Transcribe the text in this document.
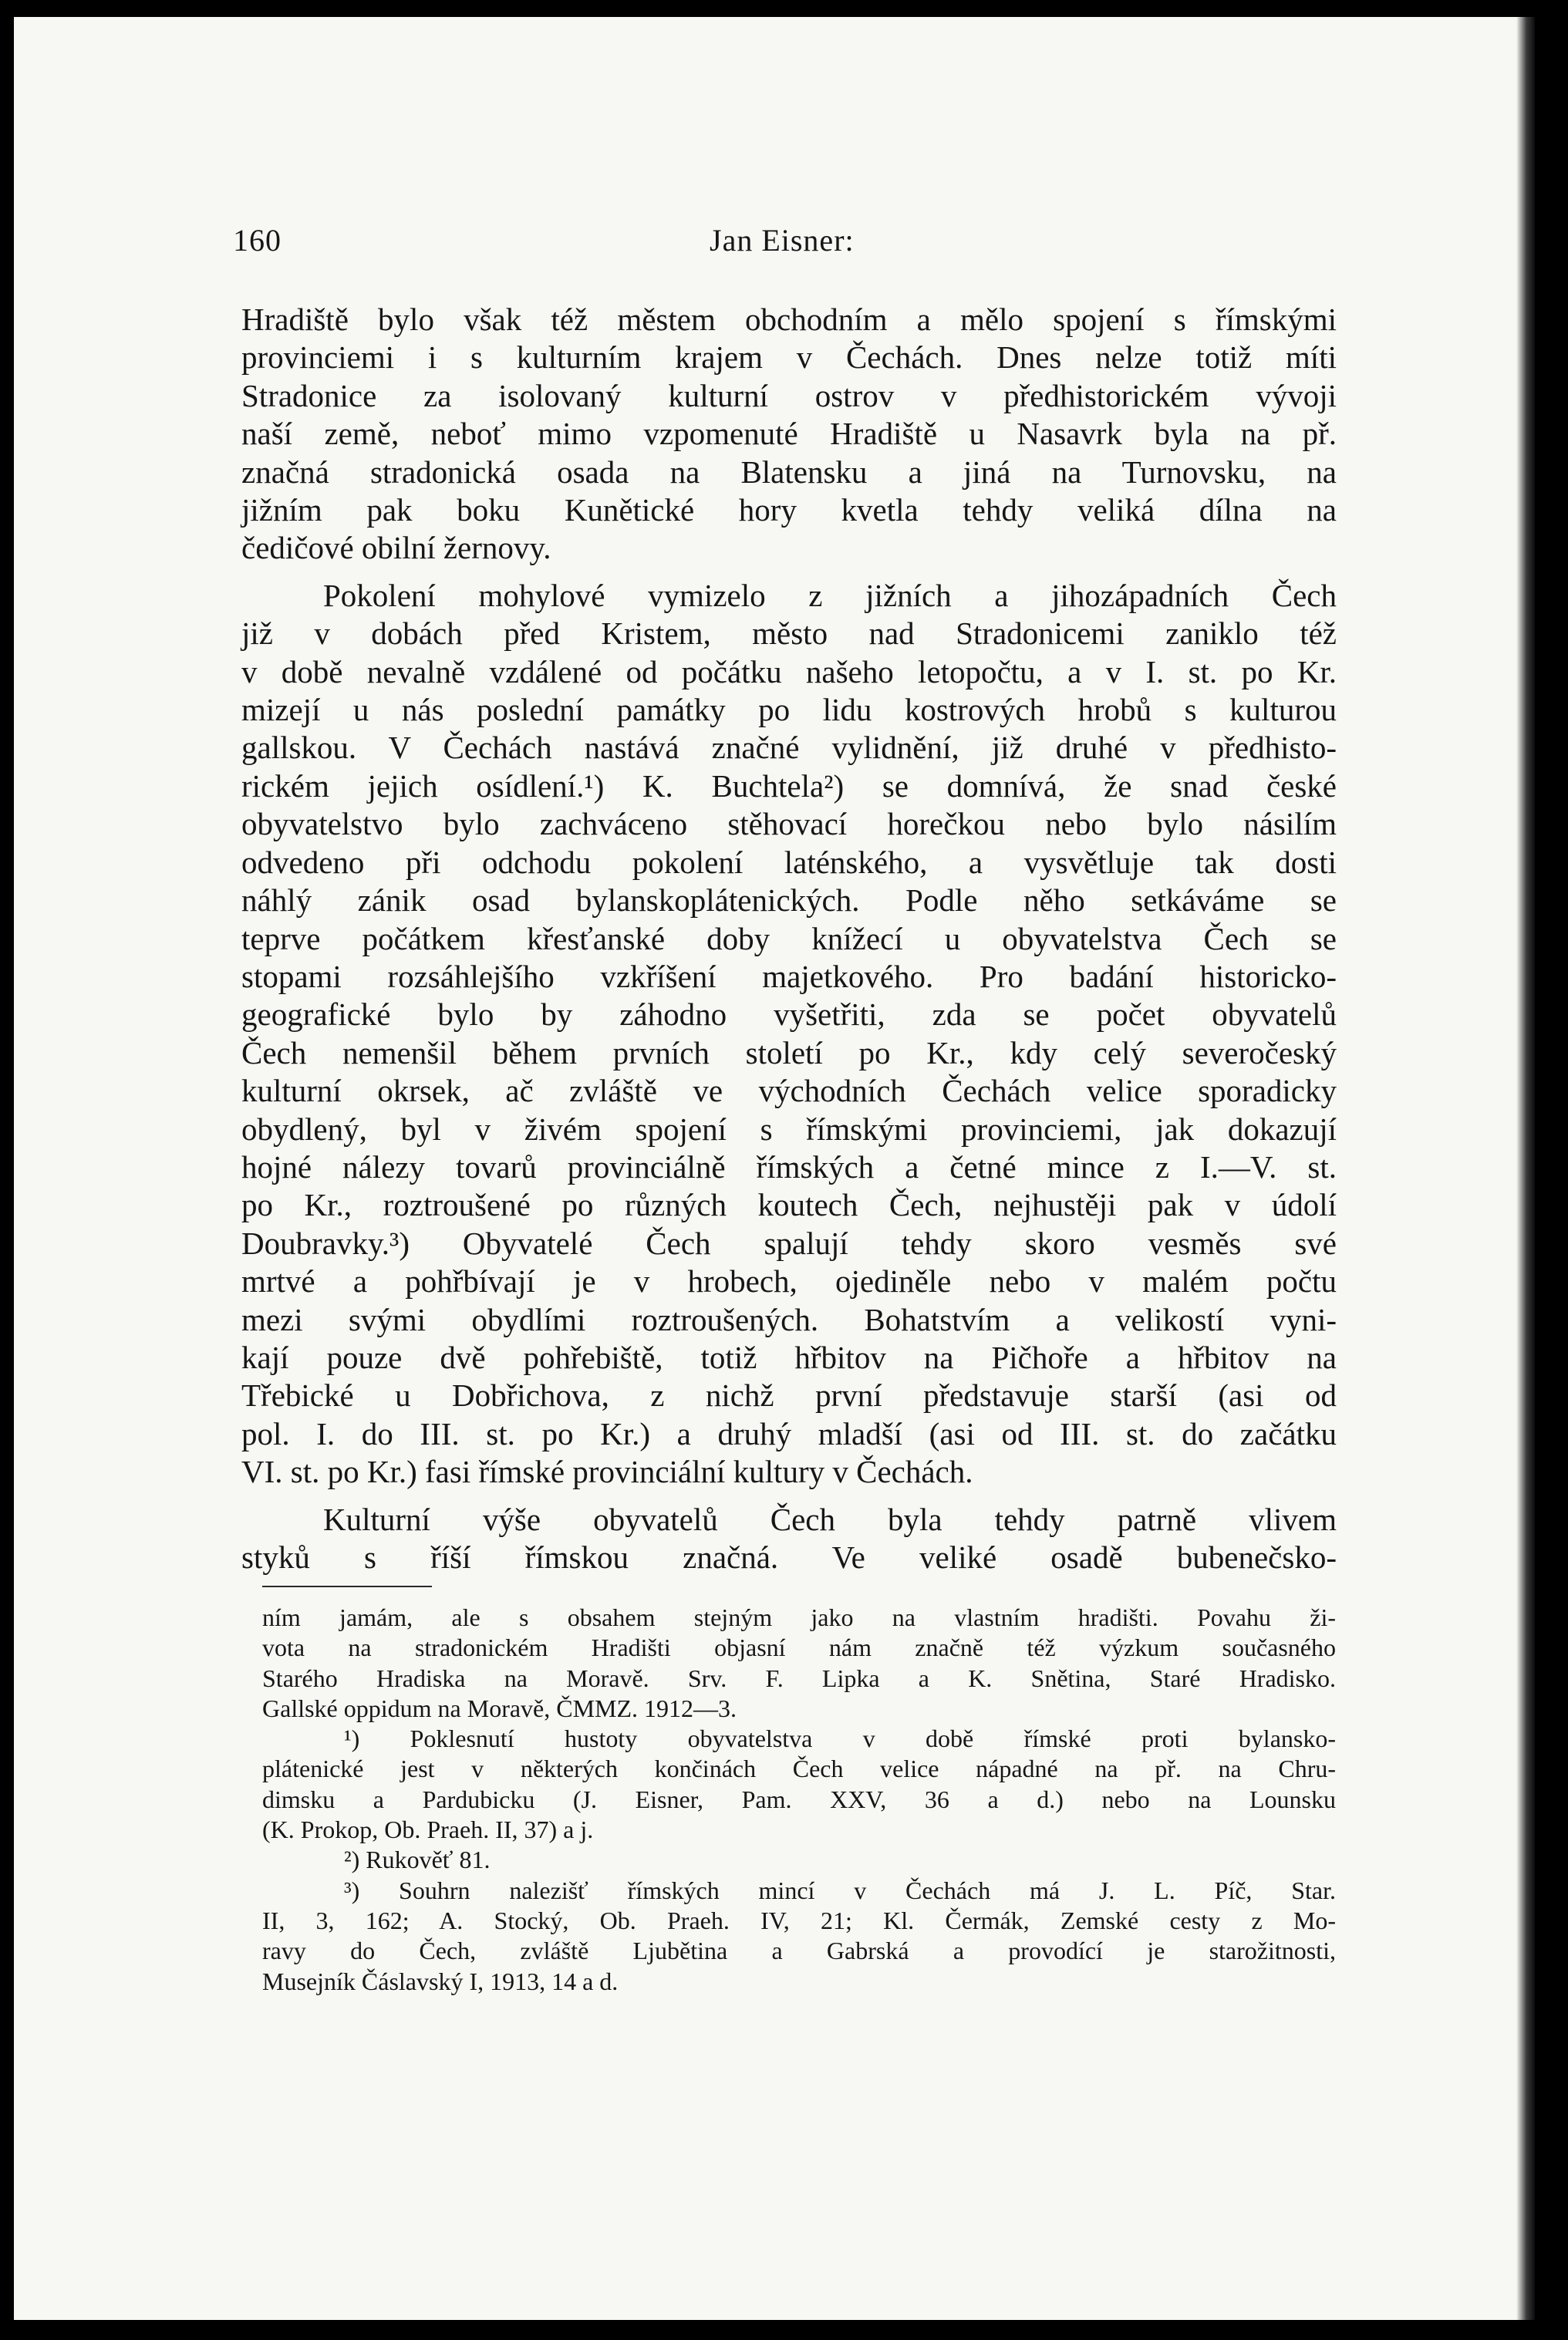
160	Jan Eisner:
Hradiště bylo však též městem obchodním a mělo spojení s římskými
provinciemi i s kulturním krajem v Čechách. Dnes nelze totiž míti
Stradonice za isolovaný kulturní ostrov v předhistorickém vývoji
naší země, neboť mimo vzpomenuté Hradiště u Nasavrk byla na př.
značná stradonická osada na Blatensku a jiná na Turnovsku, na
jižním pak boku Kunětické hory kvetla tehdy veliká dílna na
čedičové obilní žernovy.
Pokolení mohylové vymizelo z jižních a jihozápadních Čech
již v dobách před Kristem, město nad Stradonicemi zaniklo též
v době nevalně vzdálené od počátku našeho letopočtu, a v I. st. po Kr.
mizejí u nás poslední památky po lidu kostrových hrobů s kulturou
gallskou. V Čechách nastává značné vylidnění, již druhé v předhisto-
rickém jejich osídlení.¹) K. Buchtela²) se domnívá, že snad české
obyvatelstvo bylo zachváceno stěhovací horečkou nebo bylo násilím
odvedeno při odchodu pokolení laténského, a vysvětluje tak dosti
náhlý zánik osad bylanskoplátenických. Podle něho setkáváme se
teprve počátkem křesťanské doby knížecí u obyvatelstva Čech se
stopami rozsáhlejšího vzkříšení majetkového. Pro badání historicko-
geografické bylo by záhodno vyšetřiti, zda se počet obyvatelů
Čech nemenšil během prvních století po Kr., kdy celý severočeský
kulturní okrsek, ač zvláště ve východních Čechách velice sporadicky
obydlený, byl v živém spojení s římskými provinciemi, jak dokazují
hojné nálezy tovarů provinciálně římských a četné mince z I.—V. st.
po Kr., roztroušené po různých koutech Čech, nejhustěji pak v údolí
Doubravky.³) Obyvatelé Čech spalují tehdy skoro vesměs své
mrtvé a pohřbívají je v hrobech, ojediněle nebo v malém počtu
mezi svými obydlími roztroušených. Bohatstvím a velikostí vyni-
kají pouze dvě pohřebiště, totiž hřbitov na Pičhoře a hřbitov na
Třebické u Dobřichova, z nichž první představuje starší (asi od
pol. I. do III. st. po Kr.) a druhý mladší (asi od III. st. do začátku
VI. st. po Kr.) fasi římské provinciální kultury v Čechách.
Kulturní výše obyvatelů Čech byla tehdy patrně vlivem
styků s říší římskou značná. Ve veliké osadě bubenečsko-
ním jamám, ale s obsahem stejným jako na vlastním hradišti. Povahu ži-
vota na stradonickém Hradišti objasní nám značně též výzkum současného
Starého Hradiska na Moravě. Srv. F. Lipka a K. Snětina, Staré Hradisko.
Gallské oppidum na Moravě, ČMMZ. 1912—3.
¹) Poklesnutí hustoty obyvatelstva v době římské proti bylansko-
plátenické jest v některých končinách Čech velice nápadné na př. na Chru-
dimsku a Pardubicku (J. Eisner, Pam. XXV, 36 a d.) nebo na Lounsku
(K. Prokop, Ob. Praeh. II, 37) a j.
²) Rukověť 81.
³) Souhrn nalezišť římských mincí v Čechách má J. L. Píč, Star.
II, 3, 162; A. Stocký, Ob. Praeh. IV, 21; Kl. Čermák, Zemské cesty z Mo-
ravy do Čech, zvláště Ljubětina a Gabrská a provodící je starožitnosti,
Musejník Čáslavský I, 1913, 14 a d.
